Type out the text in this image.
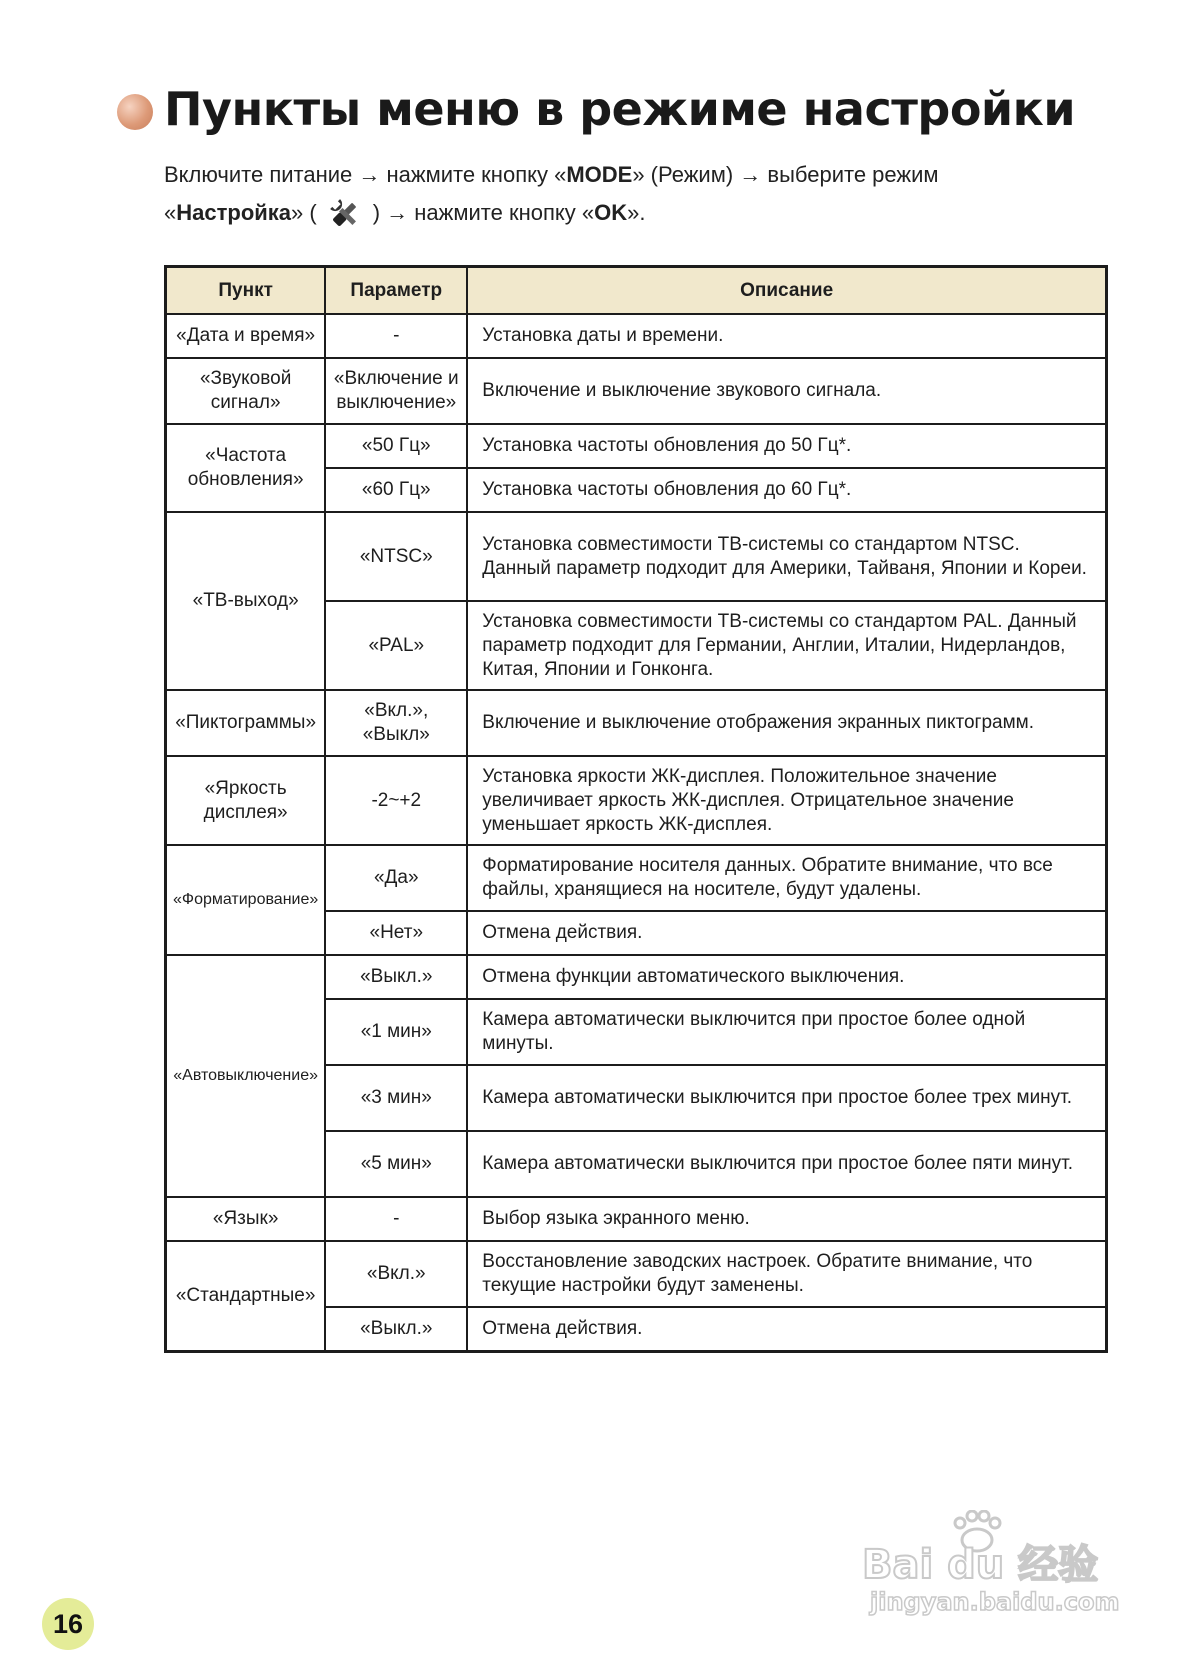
Пункты меню в режиме настройки
Включите питание → нажмите кнопку «MODE» (Режим) → выберите режим
«Настройка» (	) → нажмите кнопку «OK».
Пункт	Параметр	Описание
«Дата и время»	-	Установка даты и времени.
«Звуковой сигнал»	«Включение и выключение»	Включение и выключение звукового сигнала.
«Частота обновления»	«50 Гц»	Установка частоты обновления до 50 Гц*.
	«60 Гц»	Установка частоты обновления до 60 Гц*.
«ТВ-выход»	«NTSC»	Установка совместимости ТВ-системы со стандартом NTSC. Данный параметр подходит для Америки, Тайваня, Японии и Кореи.
	«PAL»	Установка совместимости ТВ-системы со стандартом PAL. Данный параметр подходит для Германии, Англии, Италии, Нидерландов, Китая, Японии и Гонконга.
«Пиктограммы»	«Вкл.», «Выкл»	Включение и выключение отображения экранных пиктограмм.
«Яркость дисплея»	-2~+2	Установка яркости ЖК-дисплея. Положительное значение увеличивает яркость ЖК-дисплея. Отрицательное значение уменьшает яркость ЖК-дисплея.
«Форматирование»	«Да»	Форматирование носителя данных. Обратите внимание, что все файлы, хранящиеся на носителе, будут удалены.
	«Нет»	Отмена действия.
«Автовыключение»	«Выкл.»	Отмена функции автоматического выключения.
	«1 мин»	Камера автоматически выключится при простое более одной минуты.
	«3 мин»	Камера автоматически выключится при простое более трех минут.
	«5 мин»	Камера автоматически выключится при простое более пяти минут.
«Язык»	-	Выбор языка экранного меню.
«Стандартные»	«Вкл.»	Восстановление заводских настроек. Обратите внимание, что текущие настройки будут заменены.
	«Выкл.»	Отмена действия.
16
Bai du 经验
jingyan.baidu.com
